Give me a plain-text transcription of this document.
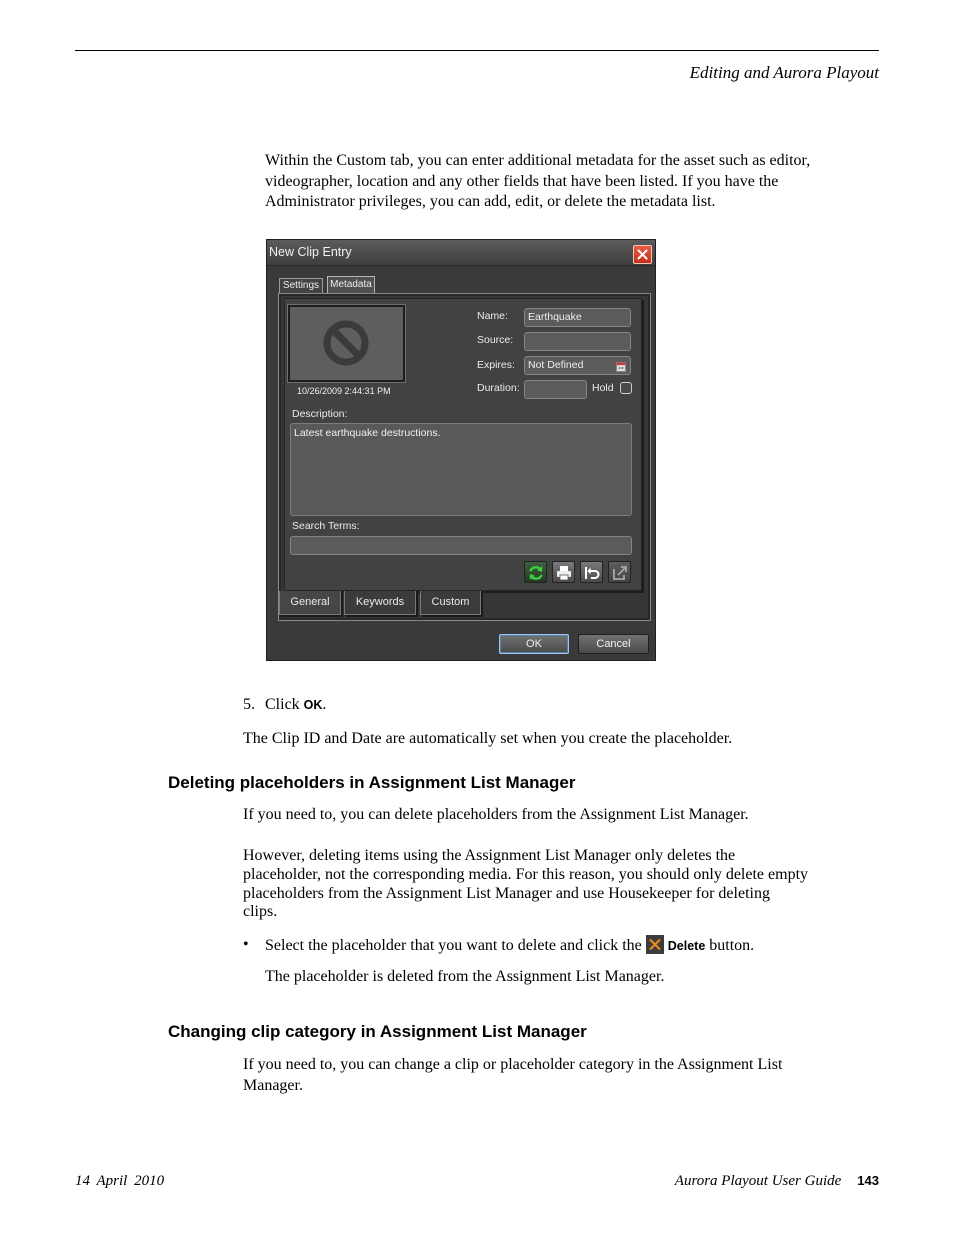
Editing and Aurora Playout

Within the Custom tab, you can enter additional metadata for the asset such as editor, videographer, location and any other fields that have been listed. If you have the Administrator privileges, you can add, edit, or delete the metadata list.

New Clip Entry
Settings	Metadata
10/26/2009 2:44:31 PM
Name:	Earthquake
Source:
Expires:	Not Defined
Duration:	Hold
Description:
Latest earthquake destructions.
Search Terms:
General	Keywords	Custom
OK	Cancel
5. Click OK.

The Clip ID and Date are automatically set when you create the placeholder.

Deleting placeholders in Assignment List Manager

If you need to, you can delete placeholders from the Assignment List Manager.

However, deleting items using the Assignment List Manager only deletes the placeholder, not the corresponding media. For this reason, you should only delete empty placeholders from the Assignment List Manager and use Housekeeper for deleting clips.

• Select the placeholder that you want to delete and click the Delete button.

The placeholder is deleted from the Assignment List Manager.

Changing clip category in Assignment List Manager

If you need to, you can change a clip or placeholder category in the Assignment List Manager.

14 April 2010	Aurora Playout User Guide 143
